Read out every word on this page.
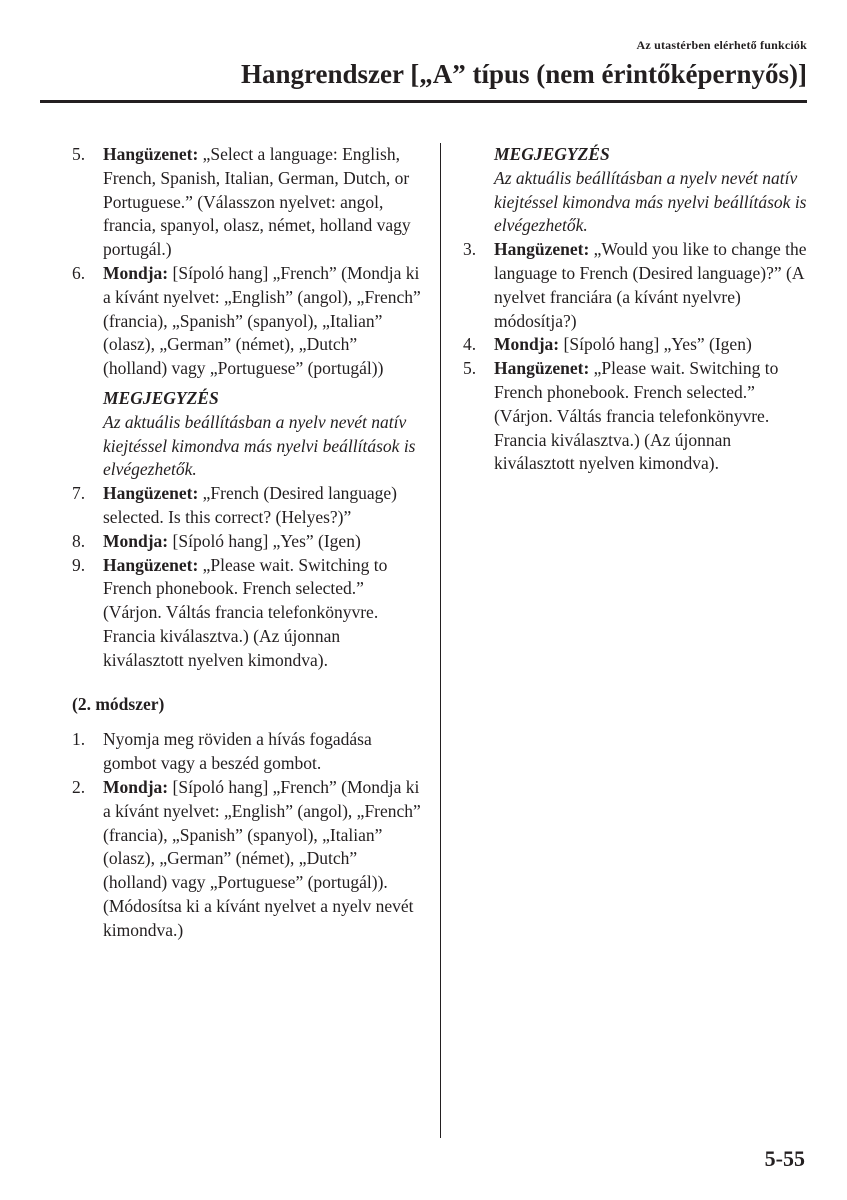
Az utastérben elérhető funkciók
Hangrendszer [„A” típus (nem érintőképernyős)]
5.	Hangüzenet: „Select a language: English, French, Spanish, Italian, German, Dutch, or Portuguese.” (Válasszon nyelvet: angol, francia, spanyol, olasz, német, holland vagy portugál.)
6.	Mondja: [Sípoló hang] „French” (Mondja ki a kívánt nyelvet: „English” (angol), „French” (francia), „Spanish” (spanyol), „Italian” (olasz), „German” (német), „Dutch” (holland) vagy „Portuguese” (portugál))
MEGJEGYZÉS
Az aktuális beállításban a nyelv nevét natív kiejtéssel kimondva más nyelvi beállítások is elvégezhetők.
7.	Hangüzenet: „French (Desired language) selected. Is this correct? (Helyes?)”
8.	Mondja: [Sípoló hang] „Yes” (Igen)
9.	Hangüzenet: „Please wait. Switching to French phonebook. French selected.” (Várjon. Váltás francia telefonkönyvre. Francia kiválasztva.) (Az újonnan kiválasztott nyelven kimondva).
(2. módszer)
1.	Nyomja meg röviden a hívás fogadása gombot vagy a beszéd gombot.
2.	Mondja: [Sípoló hang] „French” (Mondja ki a kívánt nyelvet: „English” (angol), „French” (francia), „Spanish” (spanyol), „Italian” (olasz), „German” (német), „Dutch” (holland) vagy „Portuguese” (portugál)). (Módosítsa ki a kívánt nyelvet a nyelv nevét kimondva.)
MEGJEGYZÉS
Az aktuális beállításban a nyelv nevét natív kiejtéssel kimondva más nyelvi beállítások is elvégezhetők.
3.	Hangüzenet: „Would you like to change the language to French (Desired language)?” (A nyelvet franciára (a kívánt nyelvre) módosítja?)
4.	Mondja: [Sípoló hang] „Yes” (Igen)
5.	Hangüzenet: „Please wait. Switching to French phonebook. French selected.” (Várjon. Váltás francia telefonkönyvre. Francia kiválasztva.) (Az újonnan kiválasztott nyelven kimondva).
5-55
